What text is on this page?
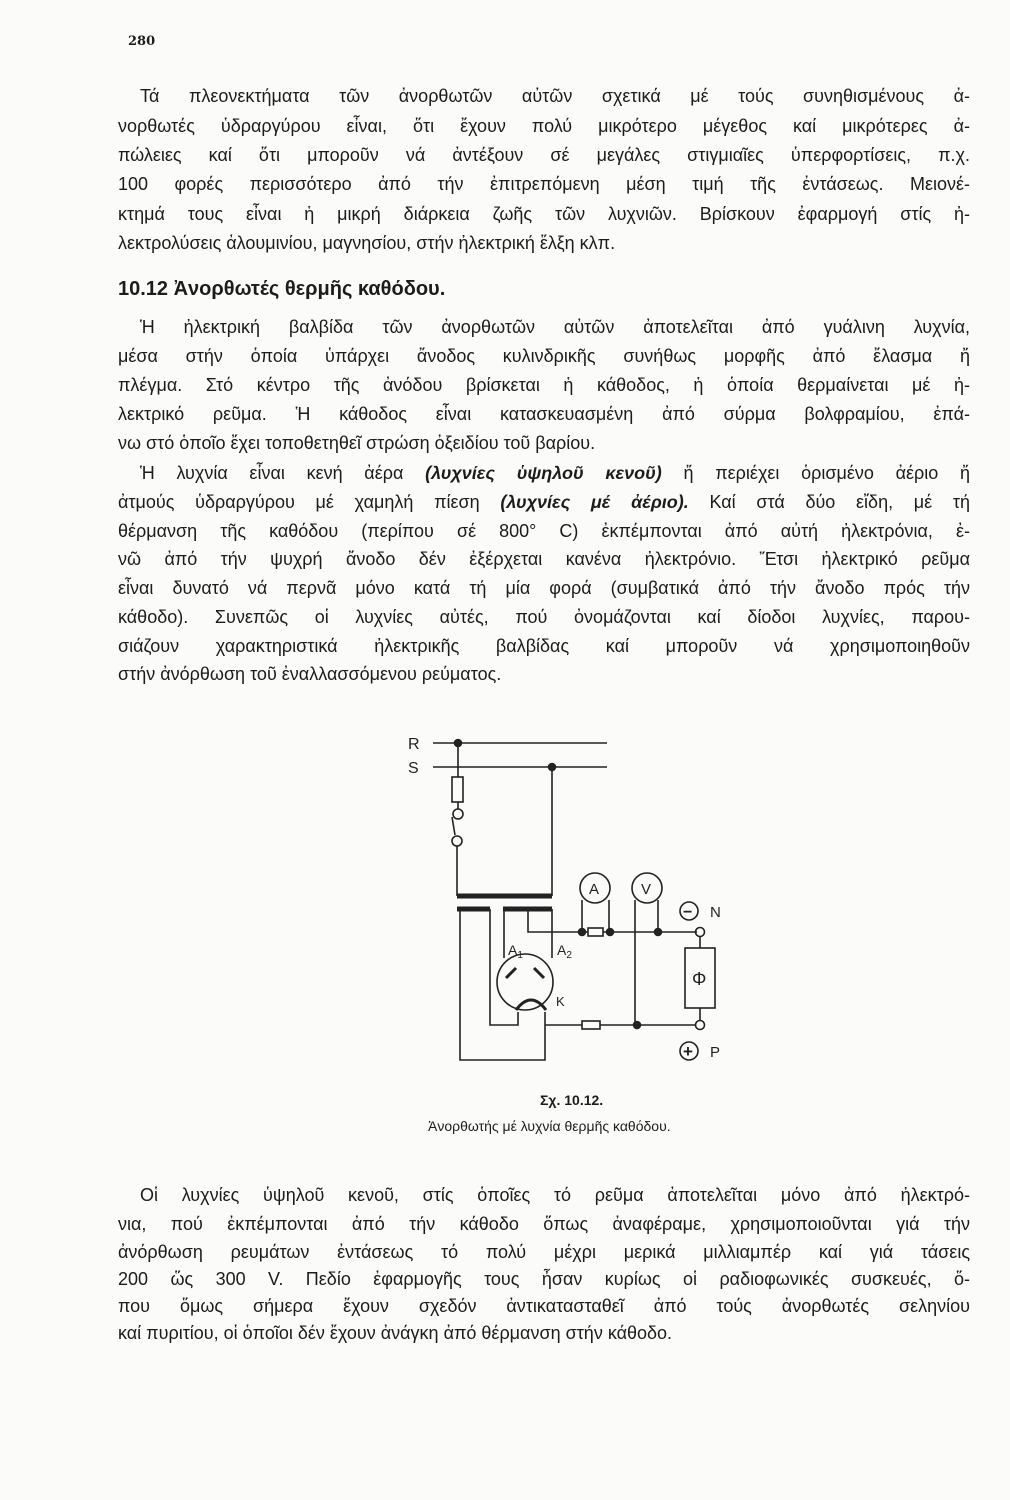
280
Τά πλεονεκτήματα τῶν ἀνορθωτῶν αὐτῶν σχετικά μέ τούς συνηθισμένους ἀ-
νορθωτές ὑδραργύρου εἶναι, ὅτι ἔχουν πολύ μικρότερο μέγεθος καί μικρότερες ἀ-
πώλειες καί ὅτι μποροῦν νά ἀντέξουν σέ μεγάλες στιγμιαῖες ὑπερφορτίσεις, π.χ.
100 φορές περισσότερο ἀπό τήν ἐπιτρεπόμενη μέση τιμή τῆς ἐντάσεως. Μειονέ-
κτημά τους εἶναι ἡ μικρή διάρκεια ζωῆς τῶν λυχνιῶν. Βρίσκουν ἐφαρμογή στίς ἠ-
λεκτρολύσεις ἀλουμινίου, μαγνησίου, στήν ἠλεκτρική ἕλξη κλπ.
10.12 Ἀνορθωτές θερμῆς καθόδου.
Ἡ ἠλεκτρική βαλβίδα τῶν ἀνορθωτῶν αὐτῶν ἀποτελεῖται ἀπό γυάλινη λυχνία,
μέσα στήν ὁποία ὑπάρχει ἄνοδος κυλινδρικῆς συνήθως μορφῆς ἀπό ἔλασμα ἤ
πλέγμα. Στό κέντρο τῆς ἀνόδου βρίσκεται ἡ κάθοδος, ἡ ὁποία θερμαίνεται μέ ἠ-
λεκτρικό ρεῦμα. Ἡ κάθοδος εἶναι κατασκευασμένη ἀπό σύρμα βολφραμίου, ἐπά-
νω στό ὁποῖο ἔχει τοποθετηθεῖ στρώση ὀξειδίου τοῦ βαρίου.
Ἡ λυχνία εἶναι κενή ἀέρα (λυχνίες ὑψηλοῦ κενοῦ) ἤ περιέχει ὁρισμένο ἀέριο ἤ
ἀτμούς ὑδραργύρου μέ χαμηλή πίεση (λυχνίες μέ ἀέριο). Καί στά δύο εἴδη, μέ τή
θέρμανση τῆς καθόδου (περίπου σέ 800° C) ἐκπέμπονται ἀπό αὐτή ἠλεκτρόνια, ἐ-
νῶ ἀπό τήν ψυχρή ἄνοδο δέν ἐξέρχεται κανένα ἠλεκτρόνιο. Ἔτσι ἠλεκτρικό ρεῦμα
εἶναι δυνατό νά περνᾶ μόνο κατά τή μία φορά (συμβατικά ἀπό τήν ἄνοδο πρός τήν
κάθοδο). Συνεπῶς οἱ λυχνίες αὐτές, πού ὀνομάζονται καί δίοδοι λυχνίες, παρου-
σιάζουν χαρακτηριστικά ἠλεκτρικῆς βαλβίδας καί μποροῦν νά χρησιμοποιηθοῦν
στήν ἀνόρθωση τοῦ ἐναλλασσόμενου ρεύματος.
Οἱ λυχνίες ὑψηλοῦ κενοῦ, στίς ὁποῖες τό ρεῦμα ἀποτελεῖται μόνο ἀπό ἠλεκτρό-
νια, πού ἐκπέμπονται ἀπό τήν κάθοδο ὅπως ἀναφέραμε, χρησιμοποιοῦνται γιά τήν
ἀνόρθωση ρευμάτων ἐντάσεως τό πολύ μέχρι μερικά μιλλιαμπέρ καί γιά τάσεις
200 ὥς 300 V. Πεδίο ἐφαρμογῆς τους ἦσαν κυρίως οἱ ραδιοφωνικές συσκευές, ὅ-
που ὅμως σήμερα ἔχουν σχεδόν ἀντικατασταθεῖ ἀπό τούς ἀνορθωτές σεληνίου
καί πυριτίου, οἱ ὁποῖοι δέν ἔχουν ἀνάγκη ἀπό θέρμανση στήν κάθοδο.
R
S
$A_1$ $A_2$
K
A	V
Φ
− N
+ P
Σχ. 10.12.
Ἀνορθωτής μέ λυχνία θερμῆς καθόδου.
